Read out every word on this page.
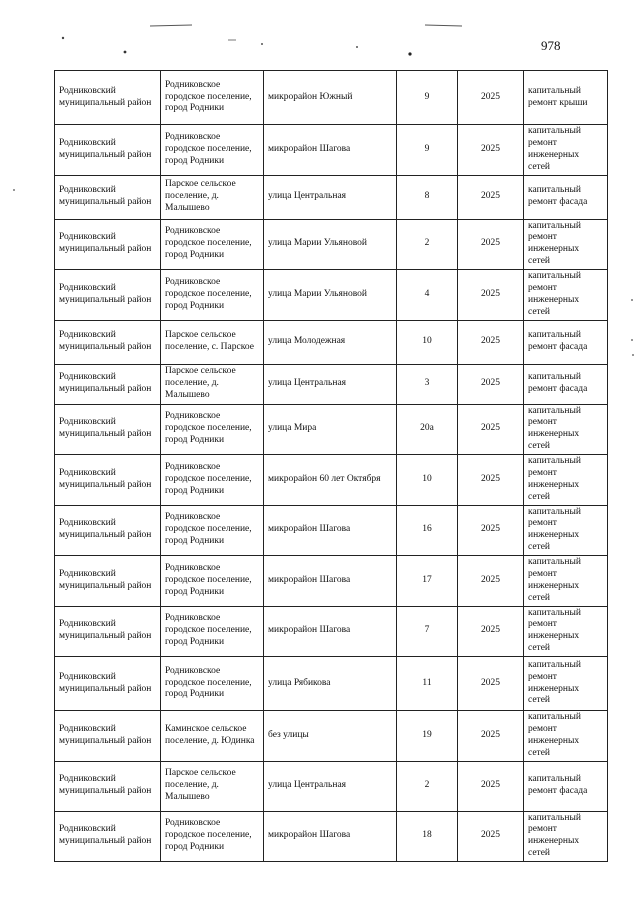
978
Родниковский муниципальный район	Родниковское городское поселение, город Родники	микрорайон Южный	9	2025	капитальный ремонт крыши
Родниковский муниципальный район	Родниковское городское поселение, город Родники	микрорайон Шагова	9	2025	капитальный ремонт инженерных сетей
Родниковский муниципальный район	Парское сельское поселение, д. Малышево	улица Центральная	8	2025	капитальный ремонт фасада
Родниковский муниципальный район	Родниковское городское поселение, город Родники	улица Марии Ульяновой	2	2025	капитальный ремонт инженерных сетей
Родниковский муниципальный район	Родниковское городское поселение, город Родники	улица Марии Ульяновой	4	2025	капитальный ремонт инженерных сетей
Родниковский муниципальный район	Парское сельское поселение, с. Парское	улица Молодежная	10	2025	капитальный ремонт фасада
Родниковский муниципальный район	Парское сельское поселение, д. Малышево	улица Центральная	3	2025	капитальный ремонт фасада
Родниковский муниципальный район	Родниковское городское поселение, город Родники	улица Мира	20а	2025	капитальный ремонт инженерных сетей
Родниковский муниципальный район	Родниковское городское поселение, город Родники	микрорайон 60 лет Октября	10	2025	капитальный ремонт инженерных сетей
Родниковский муниципальный район	Родниковское городское поселение, город Родники	микрорайон Шагова	16	2025	капитальный ремонт инженерных сетей
Родниковский муниципальный район	Родниковское городское поселение, город Родники	микрорайон Шагова	17	2025	капитальный ремонт инженерных сетей
Родниковский муниципальный район	Родниковское городское поселение, город Родники	микрорайон Шагова	7	2025	капитальный ремонт инженерных сетей
Родниковский муниципальный район	Родниковское городское поселение, город Родники	улица Рябикова	11	2025	капитальный ремонт инженерных сетей
Родниковский муниципальный район	Каминское сельское поселение, д. Юдинка	без улицы	19	2025	капитальный ремонт инженерных сетей
Родниковский муниципальный район	Парское сельское поселение, д. Малышево	улица Центральная	2	2025	капитальный ремонт фасада
Родниковский муниципальный район	Родниковское городское поселение, город Родники	микрорайон Шагова	18	2025	капитальный ремонт инженерных сетей
